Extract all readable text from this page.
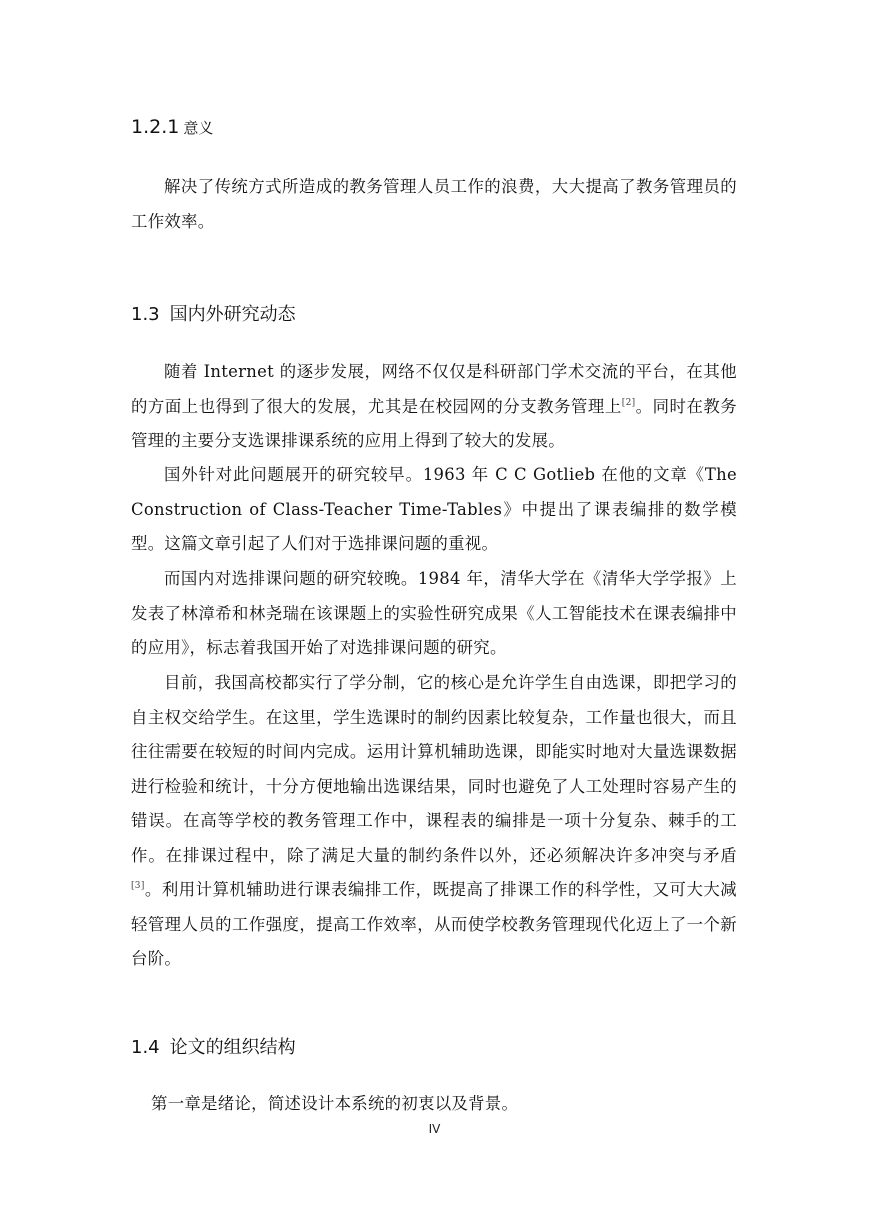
1.2.1 意义

解决了传统方式所造成的教务管理人员工作的浪费，大大提高了教务管理员的工作效率。

1.3 国内外研究动态

随着 Internet 的逐步发展，网络不仅仅是科研部门学术交流的平台，在其他的方面上也得到了很大的发展，尤其是在校园网的分支教务管理上[2]。同时在教务管理的主要分支选课排课系统的应用上得到了较大的发展。

国外针对此问题展开的研究较早。1963 年 C C Gotlieb 在他的文章《The Construction of Class-Teacher Time-Tables》中提出了课表编排的数学模型。这篇文章引起了人们对于选排课问题的重视。

而国内对选排课问题的研究较晚。1984 年，清华大学在《清华大学学报》上发表了林漳希和林尧瑞在该课题上的实验性研究成果《人工智能技术在课表编排中的应用》，标志着我国开始了对选排课问题的研究。

目前，我国高校都实行了学分制，它的核心是允许学生自由选课，即把学习的自主权交给学生。在这里，学生选课时的制约因素比较复杂，工作量也很大，而且往往需要在较短的时间内完成。运用计算机辅助选课，即能实时地对大量选课数据进行检验和统计，十分方便地输出选课结果，同时也避免了人工处理时容易产生的错误。在高等学校的教务管理工作中，课程表的编排是一项十分复杂、棘手的工作。在排课过程中，除了满足大量的制约条件以外，还必须解决许多冲突与矛盾[3]。利用计算机辅助进行课表编排工作，既提高了排课工作的科学性，又可大大减轻管理人员的工作强度，提高工作效率，从而使学校教务管理现代化迈上了一个新台阶。

1.4 论文的组织结构

第一章是绪论，简述设计本系统的初衷以及背景。

IV
